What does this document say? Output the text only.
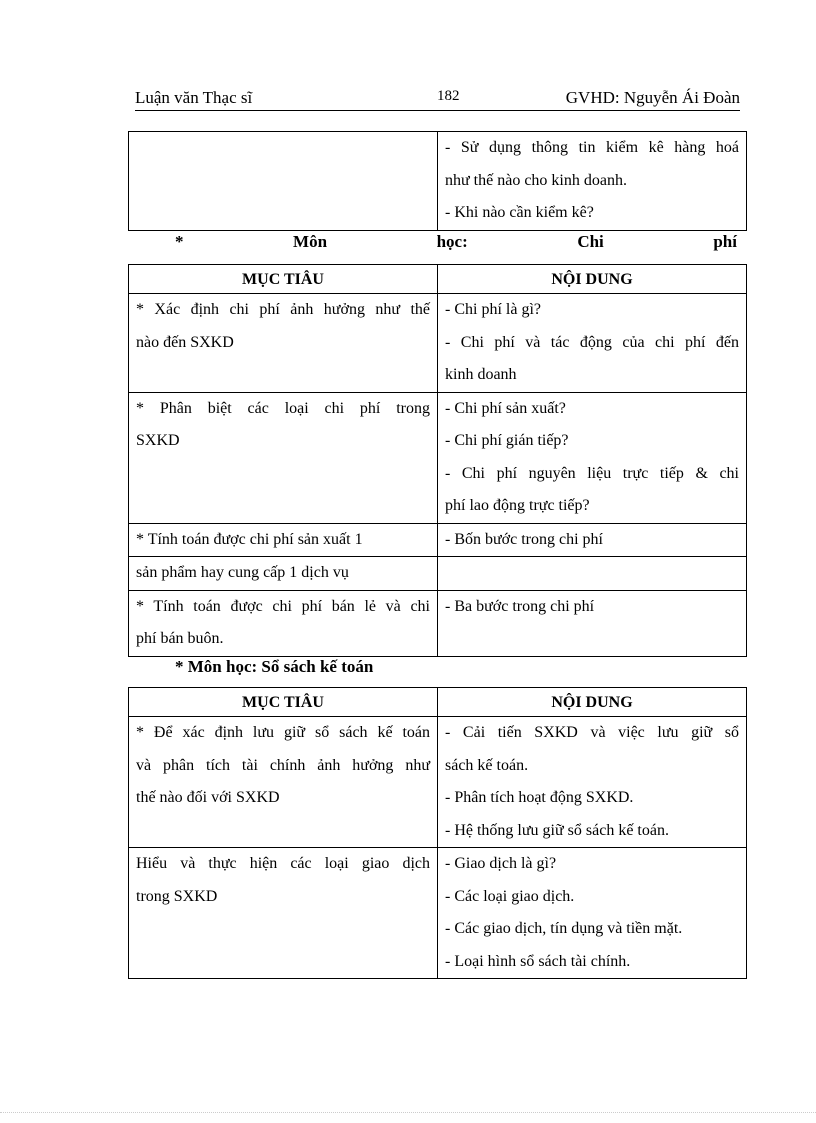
Luận văn Thạc sĩ	182	GVHD: Nguyễn Ái Đoàn

- Sử dụng thông tin kiểm kê hàng hoá
như thế nào cho kinh doanh.
- Khi nào cần kiểm kê?
*	Môn	học:	Chi	phí
MỤC TIÂU	NỘI DUNG

* Xác định chi phí ảnh hưởng như thế
nào đến SXKD	- Chi phí là gì?
- Chi phí và tác động của chi phí đến
kinh doanh

* Phân biệt các loại chi phí trong
SXKD	- Chi phí sản xuất?
- Chi phí gián tiếp?
- Chi phí nguyên liệu trực tiếp & chi
phí lao động trực tiếp?

* Tính toán được chi phí sản xuất 1	- Bốn bước trong chi phí

sản phẩm hay cung cấp 1 dịch vụ	

* Tính toán được chi phí bán lẻ và chi
phí bán buôn.	- Ba bước trong chi phí
* Môn học: Sổ sách kế toán
MỤC TIÂU	NỘI DUNG

* Để xác định lưu giữ sổ sách kế toán
và phân tích tài chính ảnh hưởng như
thế nào đối với SXKD	- Cải tiến SXKD và việc lưu giữ sổ
sách kế toán.
- Phân tích hoạt động SXKD.
- Hệ thống lưu giữ sổ sách kế toán.

Hiểu và thực hiện các loại giao dịch
trong SXKD	- Giao dịch là gì?
- Các loại giao dịch.
- Các giao dịch, tín dụng và tiền mặt.
- Loại hình sổ sách tài chính.
